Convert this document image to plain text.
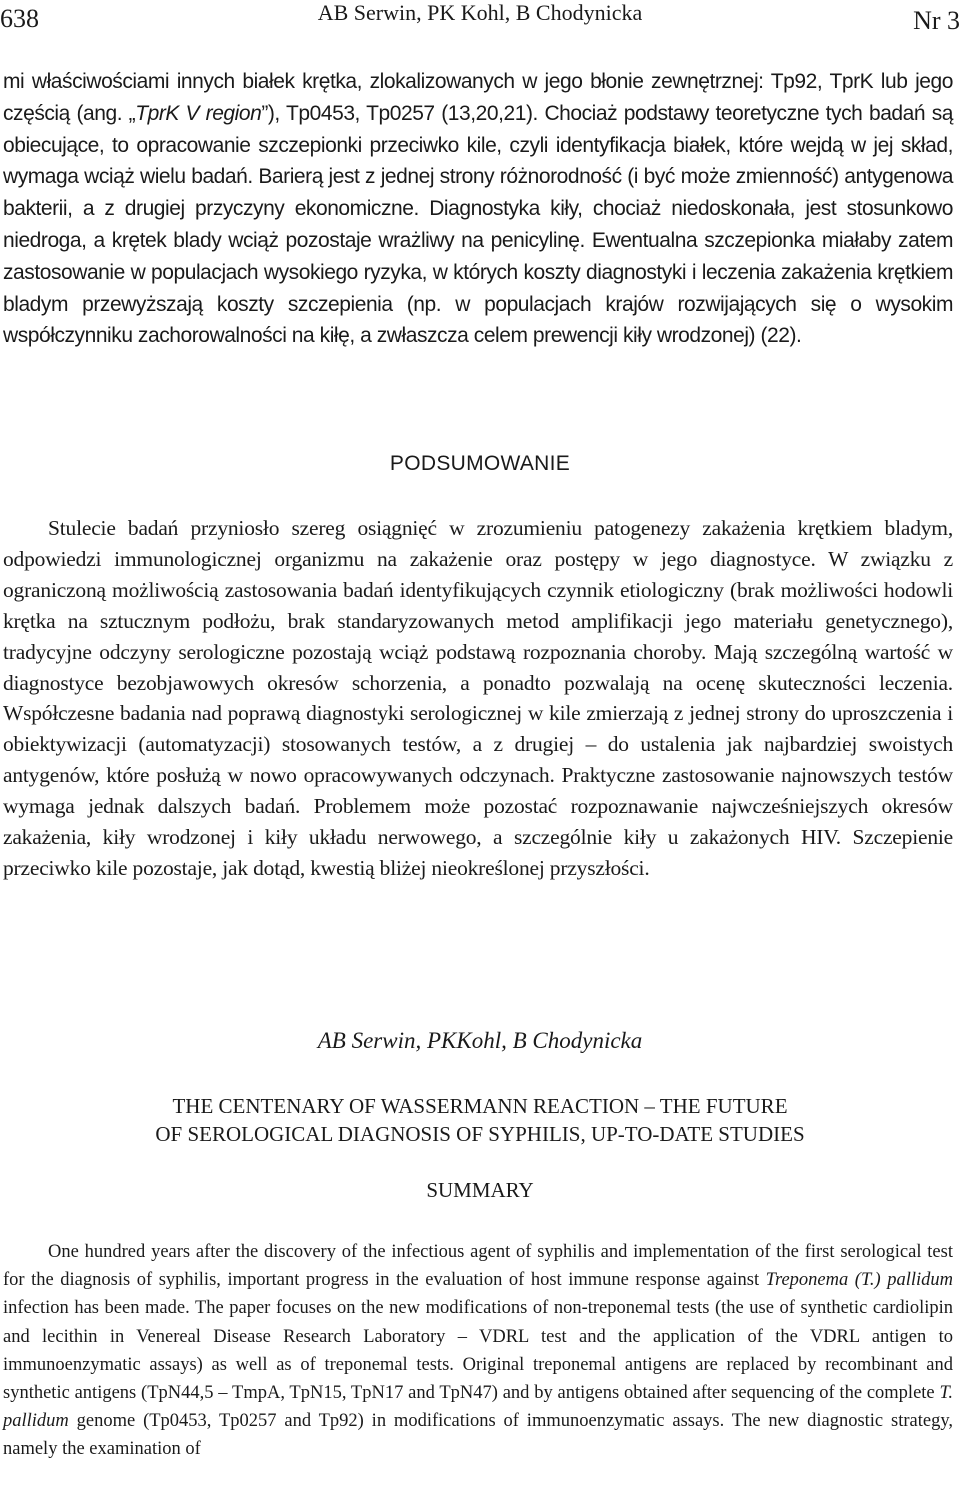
638	AB Serwin, PK Kohl, B Chodynicka	Nr 3

mi właściwościami innych białek krętka, zlokalizowanych w jego błonie zewnętrznej: Tp92, TprK lub jego częścią (ang. „TprK V region”), Tp0453, Tp0257 (13,20,21). Chociaż podstawy teoretyczne tych badań są obiecujące, to opracowanie szczepionki przeciwko kile, czyli identyfikacja białek, które wejdą w jej skład, wymaga wciąż wielu badań. Barierą jest z jednej strony różnorodność (i być może zmienność) antygenowa bakterii, a z drugiej przyczyny ekonomiczne. Diagnostyka kiły, chociaż niedoskonała, jest stosunkowo niedroga, a krętek blady wciąż pozostaje wrażliwy na penicylinę. Ewentualna szczepionka miałaby zatem zastosowanie w populacjach wysokiego ryzyka, w których koszty diagnostyki i leczenia zakażenia krętkiem bladym przewyższają koszty szczepienia (np. w populacjach krajów rozwijających się o wysokim współczynniku zachorowalności na kiłę, a zwłaszcza celem prewencji kiły wrodzonej) (22).

PODSUMOWANIE

Stulecie badań przyniosło szereg osiągnięć w zrozumieniu patogenezy zakażenia krętkiem bladym, odpowiedzi immunologicznej organizmu na zakażenie oraz postępy w jego diagnostyce. W związku z ograniczoną możliwością zastosowania badań identyfikujących czynnik etiologiczny (brak możliwości hodowli krętka na sztucznym podłożu, brak standaryzowanych metod amplifikacji jego materiału genetycznego), tradycyjne odczyny serologiczne pozostają wciąż podstawą rozpoznania choroby. Mają szczególną wartość w diagnostyce bezobjawowych okresów schorzenia, a ponadto pozwalają na ocenę skuteczności leczenia. Współczesne badania nad poprawą diagnostyki serologicznej w kile zmierzają z jednej strony do uproszczenia i obiektywizacji (automatyzacji) stosowanych testów, a z drugiej – do ustalenia jak najbardziej swoistych antygenów, które posłużą w nowo opracowywanych odczynach. Praktyczne zastosowanie najnowszych testów wymaga jednak dalszych badań. Problemem może pozostać rozpoznawanie najwcześniejszych okresów zakażenia, kiły wrodzonej i kiły układu nerwowego, a szczególnie kiły u zakażonych HIV. Szczepienie przeciwko kile pozostaje, jak dotąd, kwestią bliżej nieokreślonej przyszłości.

AB Serwin, PKKohl, B Chodynicka
THE CENTENARY OF WASSERMANN REACTION – THE FUTURE
OF SEROLOGICAL DIAGNOSIS OF SYPHILIS, UP-TO-DATE STUDIES
SUMMARY

One hundred years after the discovery of the infectious agent of syphilis and implementation of the first serological test for the diagnosis of syphilis, important progress in the evaluation of host immune response against Treponema (T.) pallidum infection has been made. The paper focuses on the new modifications of non-treponemal tests (the use of synthetic cardiolipin and lecithin in Venereal Disease Research Laboratory – VDRL test and the application of the VDRL antigen to immunoenzymatic assays) as well as of treponemal tests. Original treponemal antigens are replaced by recombinant and synthetic antigens (TpN44,5 – TmpA, TpN15, TpN17 and TpN47) and by antigens obtained after sequencing of the complete T. pallidum genome (Tp0453, Tp0257 and Tp92) in modifications of immunoenzymatic assays. The new diagnostic strategy, namely the examination of
